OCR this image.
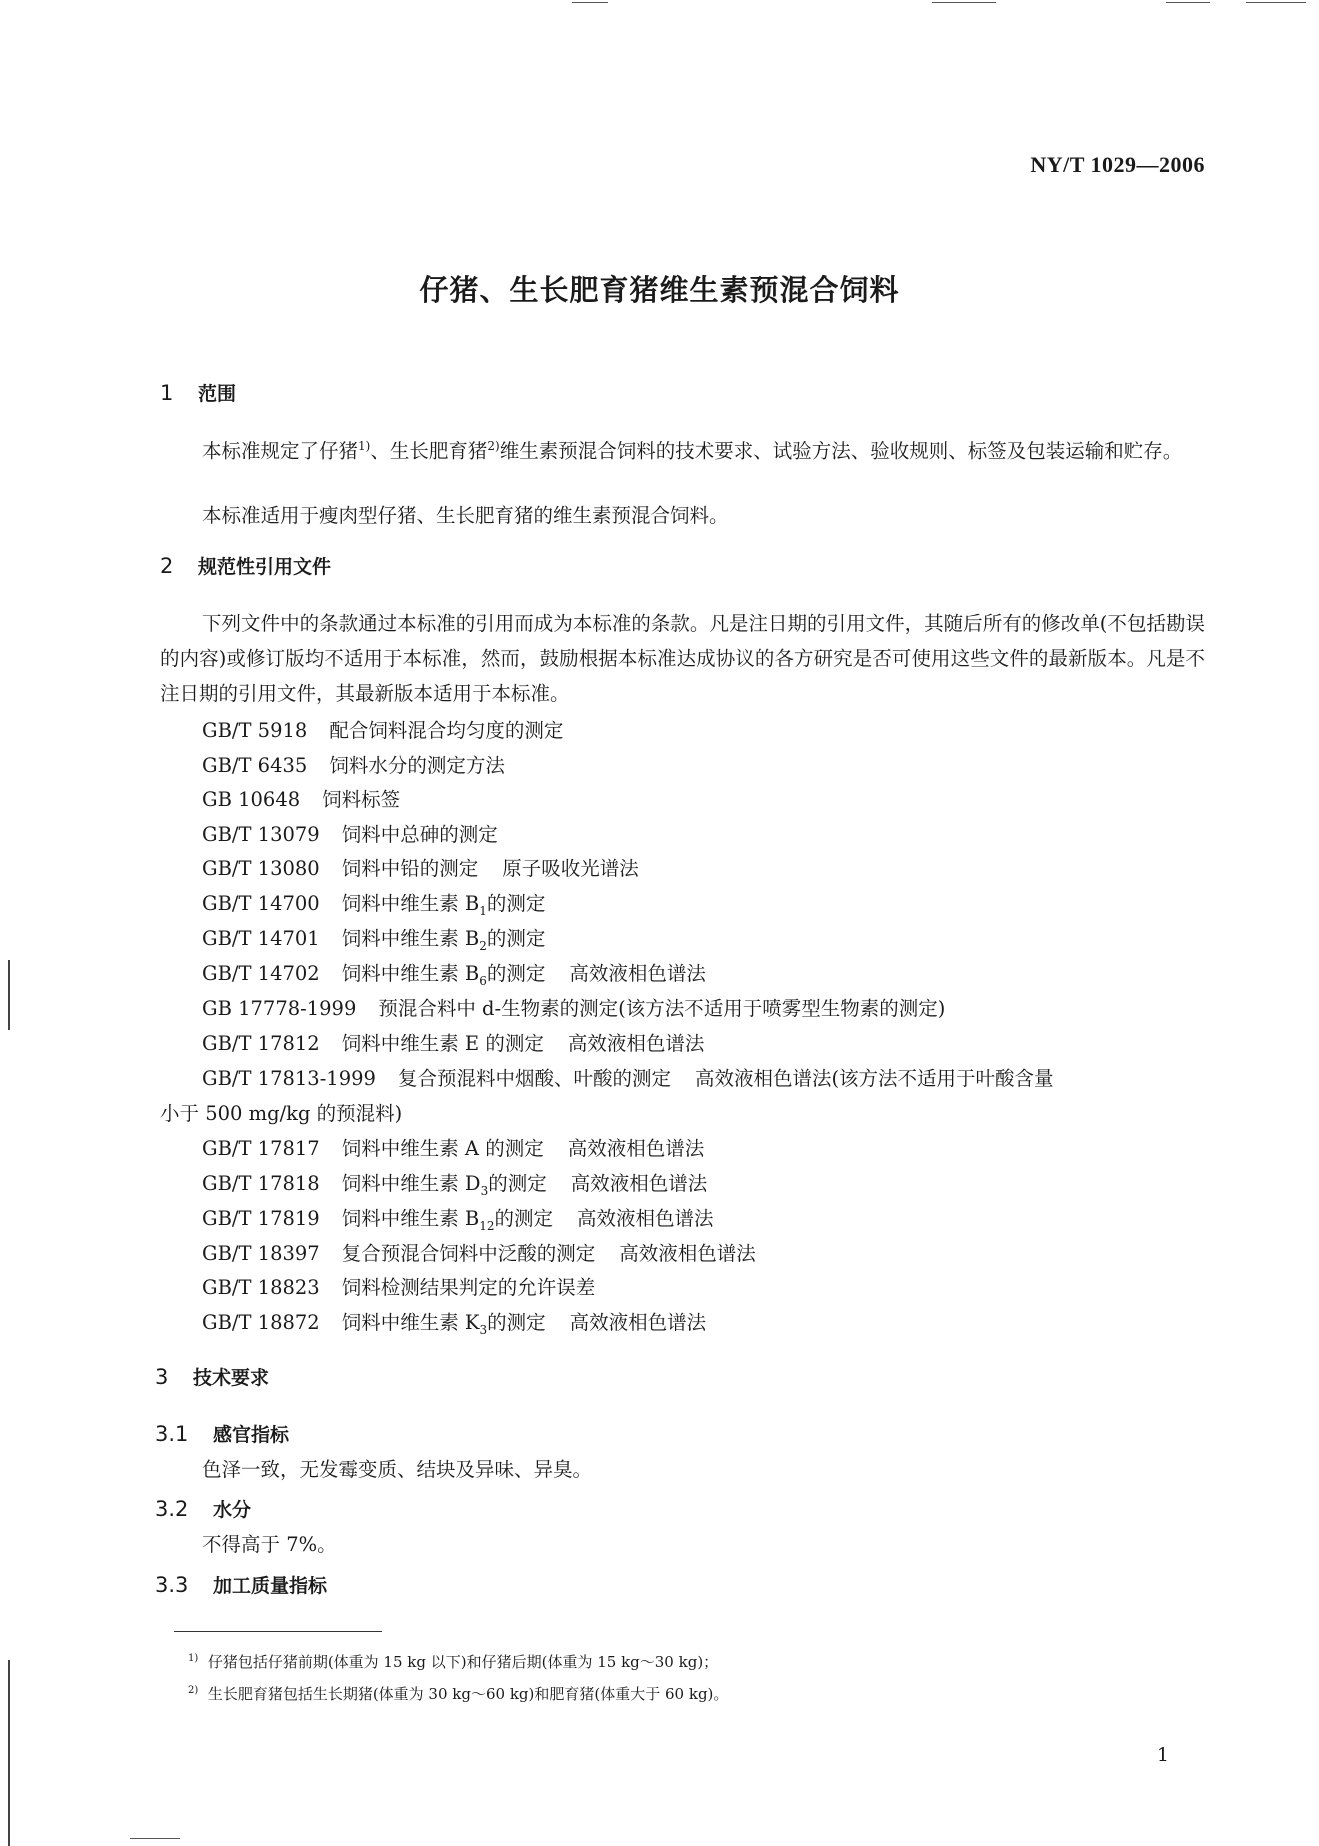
NY/T 1029—2006
仔猪、生长肥育猪维生素预混合饲料
1 范围
本标准规定了仔猪$^{1)}$、生长肥育猪$^{2)}$维生素预混合饲料的技术要求、试验方法、验收规则、标签及包装运输和贮存。
本标准适用于瘦肉型仔猪、生长肥育猪的维生素预混合饲料。
2 规范性引用文件
下列文件中的条款通过本标准的引用而成为本标准的条款。凡是注日期的引用文件，其随后所有的修改单(不包括勘误的内容)或修订版均不适用于本标准，然而，鼓励根据本标准达成协议的各方研究是否可使用这些文件的最新版本。凡是不注日期的引用文件，其最新版本适用于本标准。
GB/T 5918 配合饲料混合均匀度的测定
GB/T 6435 饲料水分的测定方法
GB 10648 饲料标签
GB/T 13079 饲料中总砷的测定
GB/T 13080 饲料中铅的测定 原子吸收光谱法
GB/T 14700 饲料中维生素 $B_1$的测定
GB/T 14701 饲料中维生素 $B_2$的测定
GB/T 14702 饲料中维生素 $B_6$的测定 高效液相色谱法
GB 17778-1999 预混合料中 d-生物素的测定(该方法不适用于喷雾型生物素的测定)
GB/T 17812 饲料中维生素 E 的测定 高效液相色谱法
GB/T 17813-1999 复合预混料中烟酸、叶酸的测定 高效液相色谱法(该方法不适用于叶酸含量
小于 500 mg/kg 的预混料)
GB/T 17817 饲料中维生素 A 的测定 高效液相色谱法
GB/T 17818 饲料中维生素 $D_3$的测定 高效液相色谱法
GB/T 17819 饲料中维生素 $B_{12}$的测定 高效液相色谱法
GB/T 18397 复合预混合饲料中泛酸的测定 高效液相色谱法
GB/T 18823 饲料检测结果判定的允许误差
GB/T 18872 饲料中维生素 $K_3$的测定 高效液相色谱法
3 技术要求
3.1 感官指标
色泽一致，无发霉变质、结块及异味、异臭。
3.2 水分
不得高于 7%。
3.3 加工质量指标
$^{1)}$ 仔猪包括仔猪前期(体重为 15 kg 以下)和仔猪后期(体重为 15 kg～30 kg)；
$^{2)}$ 生长肥育猪包括生长期猪(体重为 30 kg～60 kg)和肥育猪(体重大于 60 kg)。
1
